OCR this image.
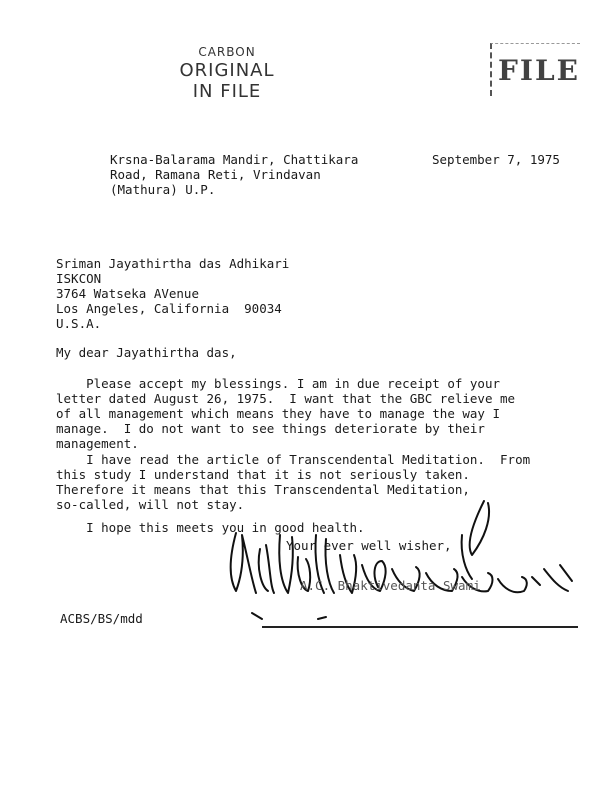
CARBON
ORIGINAL
IN FILE
FILE
Krsna-Balarama Mandir, Chattikara
Road, Ramana Reti, Vrindavan
(Mathura) U.P.
September 7, 1975
Sriman Jayathirtha das Adhikari
ISKCON
3764 Watseka AVenue
Los Angeles, California  90034
U.S.A.
My dear Jayathirtha das,
Please accept my blessings. I am in due receipt of your
letter dated August 26, 1975.  I want that the GBC relieve me
of all management which means they have to manage the way I
manage.  I do not want to see things deteriorate by their
management.
I have read the article of Transcendental Meditation.  From
this study I understand that it is not seriously taken.
Therefore it means that this Transcendental Meditation,
so-called, will not stay.
I hope this meets you in good health.
Your ever well wisher,
A.C. Bhaktivedanta Swami
ACBS/BS/mdd
